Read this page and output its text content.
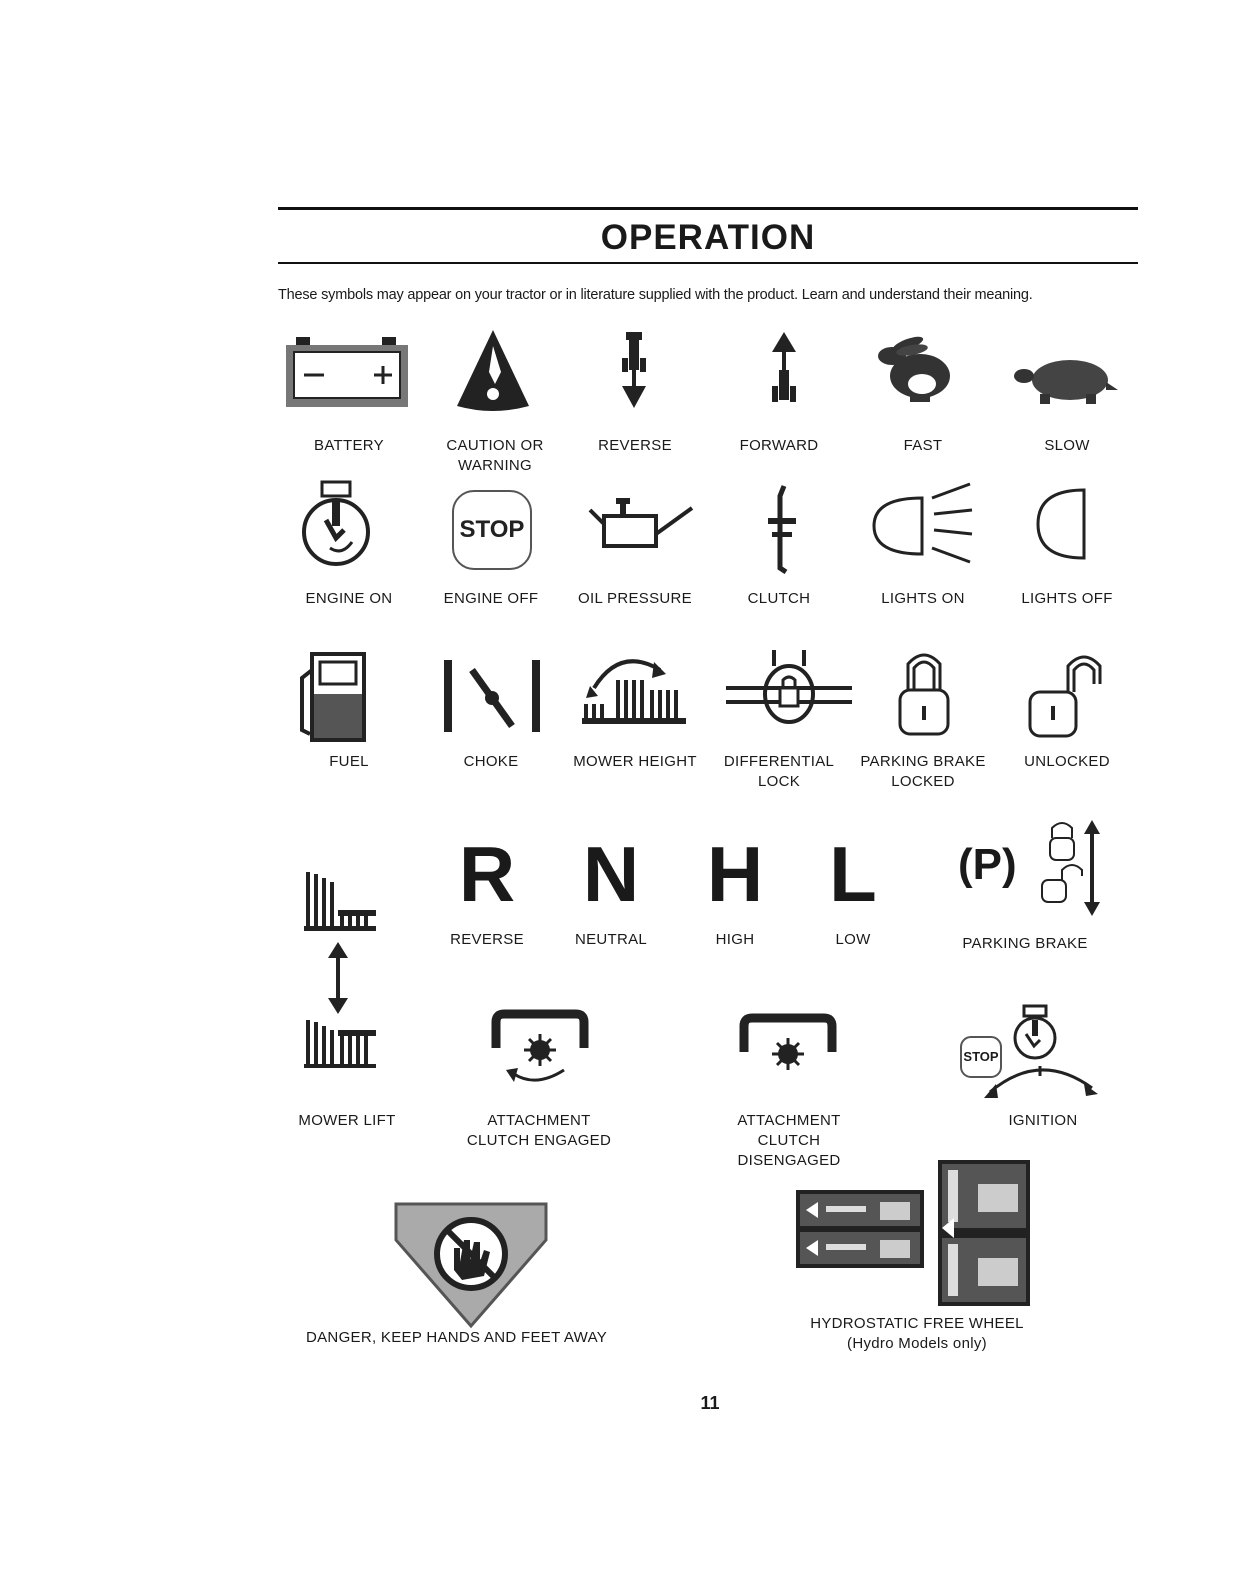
OPERATION
These symbols may appear on your tractor or in literature supplied with the product. Learn and understand their meaning.
BATTERY	CAUTION OR
WARNING
REVERSE	FORWARD	FAST	SLOW
ENGINE ON
STOP
ENGINE OFF	OIL PRESSURE	CLUTCH	LIGHTS ON	LIGHTS OFF
FUEL	CHOKE	MOWER HEIGHT	DIFFERENTIAL
LOCK
PARKING BRAKE
LOCKED
UNLOCKED
MOWER LIFT
R
REVERSE
N
NEUTRAL
H
HIGH
L
LOW
(P)
PARKING BRAKE
ATTACHMENT
CLUTCH ENGAGED
ATTACHMENT
CLUTCH DISENGAGED
STOP
IGNITION
DANGER, KEEP HANDS AND FEET AWAY
HYDROSTATIC FREE WHEEL
(Hydro Models only)
11
